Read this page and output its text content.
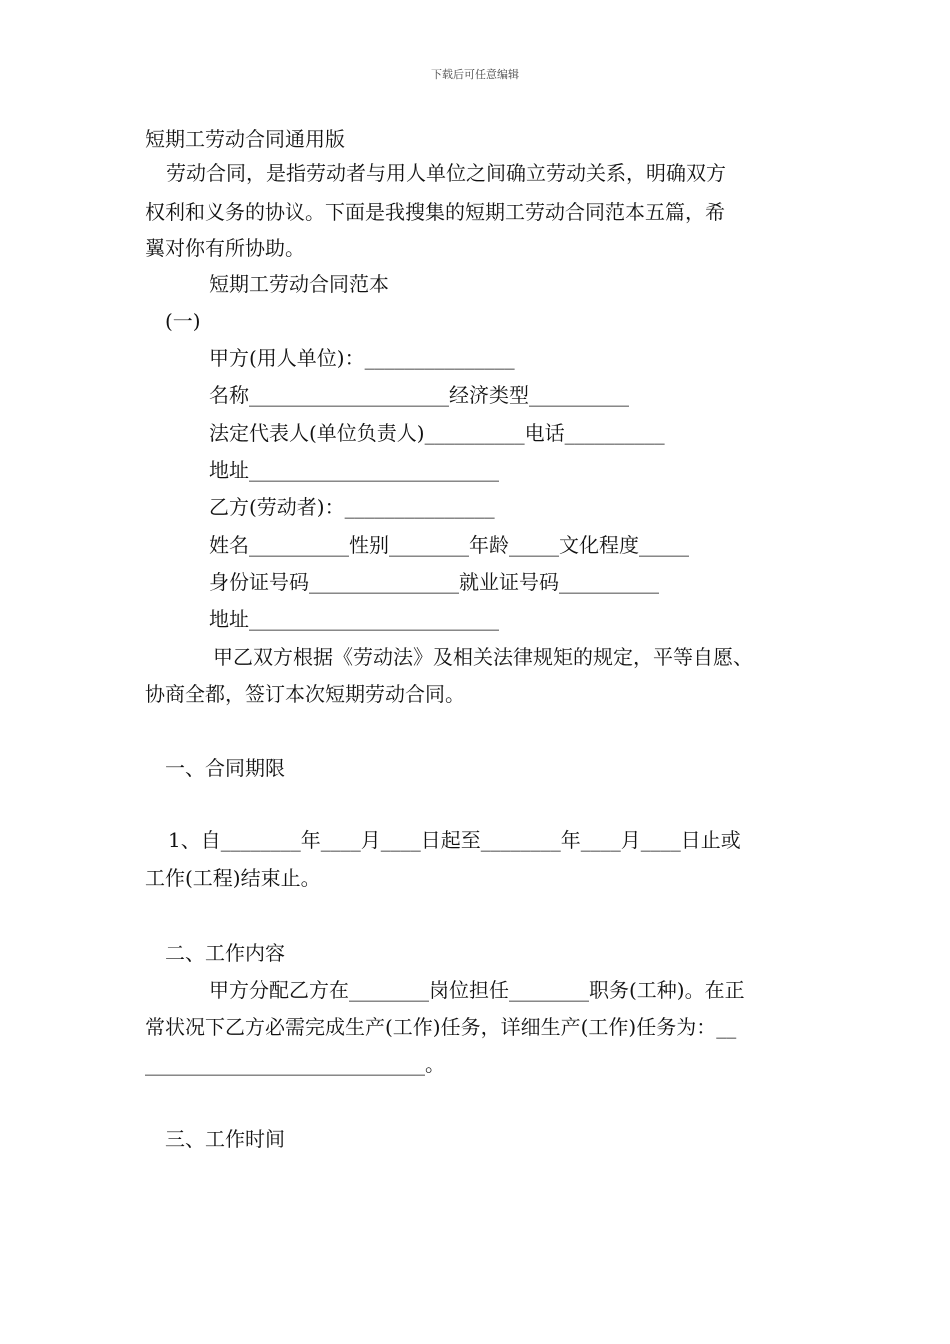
下载后可任意编辑
短期工劳动合同通用版
劳动合同，是指劳动者与用人单位之间确立劳动关系，明确双方
权利和义务的协议。下面是我搜集的短期工劳动合同范本五篇，希
翼对你有所协助。
短期工劳动合同范本
(一)
甲方(用人单位)：_______________
名称____________________经济类型__________
法定代表人(单位负责人)__________电话__________
地址_________________________
乙方(劳动者)：_______________
姓名__________性别________年龄_____文化程度_____
身份证号码_______________就业证号码__________
地址_________________________
甲乙双方根据《劳动法》及相关法律规矩的规定，平等自愿、
协商全都，签订本次短期劳动合同。
一、合同期限
1、自________年____月____日起至________年____月____日止或
工作(工程)结束止。
二、工作内容
甲方分配乙方在________岗位担任________职务(工种)。在正
常状况下乙方必需完成生产(工作)任务，详细生产(工作)任务为：__
____________________________。
三、工作时间
